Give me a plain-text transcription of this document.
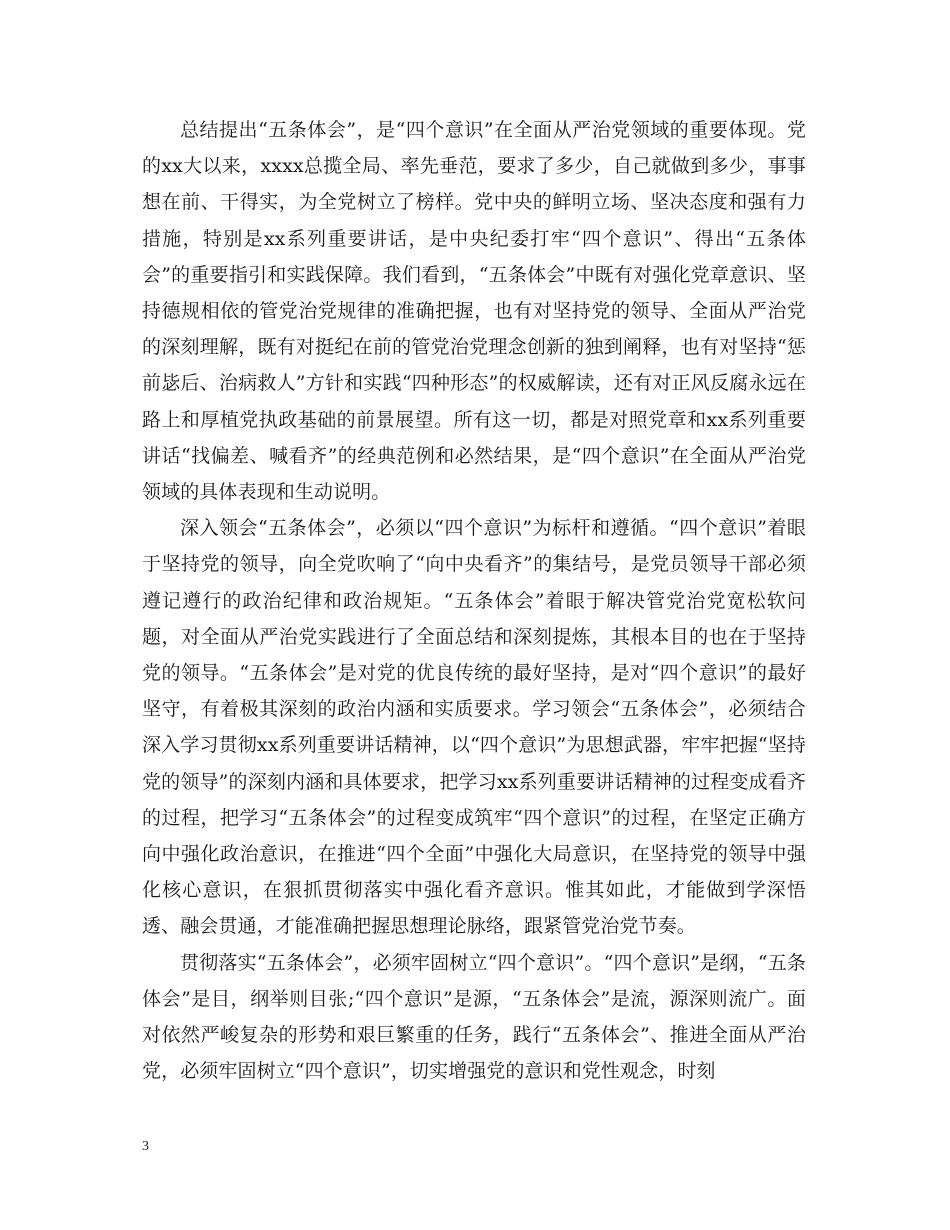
总结提出“五条体会”，是“四个意识”在全面从严治党领域的重要体现。党的xx大以来，xxxx总揽全局、率先垂范，要求了多少，自己就做到多少，事事想在前、干得实，为全党树立了榜样。党中央的鲜明立场、坚决态度和强有力措施，特别是xx系列重要讲话，是中央纪委打牢“四个意识”、得出“五条体会”的重要指引和实践保障。我们看到，“五条体会”中既有对强化党章意识、坚持德规相依的管党治党规律的准确把握，也有对坚持党的领导、全面从严治党的深刻理解，既有对挺纪在前的管党治党理念创新的独到阐释，也有对坚持“惩前毖后、治病救人”方针和实践“四种形态”的权威解读，还有对正风反腐永远在路上和厚植党执政基础的前景展望。所有这一切，都是对照党章和xx系列重要讲话“找偏差、喊看齐”的经典范例和必然结果，是“四个意识”在全面从严治党领域的具体表现和生动说明。

深入领会“五条体会”，必须以“四个意识”为标杆和遵循。“四个意识”着眼于坚持党的领导，向全党吹响了“向中央看齐”的集结号，是党员领导干部必须遵记遵行的政治纪律和政治规矩。“五条体会”着眼于解决管党治党宽松软问题，对全面从严治党实践进行了全面总结和深刻提炼，其根本目的也在于坚持党的领导。“五条体会”是对党的优良传统的最好坚持，是对“四个意识”的最好坚守，有着极其深刻的政治内涵和实质要求。学习领会“五条体会”，必须结合深入学习贯彻xx系列重要讲话精神，以“四个意识”为思想武器，牢牢把握“坚持党的领导”的深刻内涵和具体要求，把学习xx系列重要讲话精神的过程变成看齐的过程，把学习“五条体会”的过程变成筑牢“四个意识”的过程，在坚定正确方向中强化政治意识，在推进“四个全面”中强化大局意识，在坚持党的领导中强化核心意识，在狠抓贯彻落实中强化看齐意识。惟其如此，才能做到学深悟透、融会贯通，才能准确把握思想理论脉络，跟紧管党治党节奏。

贯彻落实“五条体会”，必须牢固树立“四个意识”。“四个意识”是纲，“五条体会”是目，纲举则目张;“四个意识”是源，“五条体会”是流，源深则流广。面对依然严峻复杂的形势和艰巨繁重的任务，践行“五条体会”、推进全面从严治党，必须牢固树立“四个意识”，切实增强党的意识和党性观念，时刻

3
